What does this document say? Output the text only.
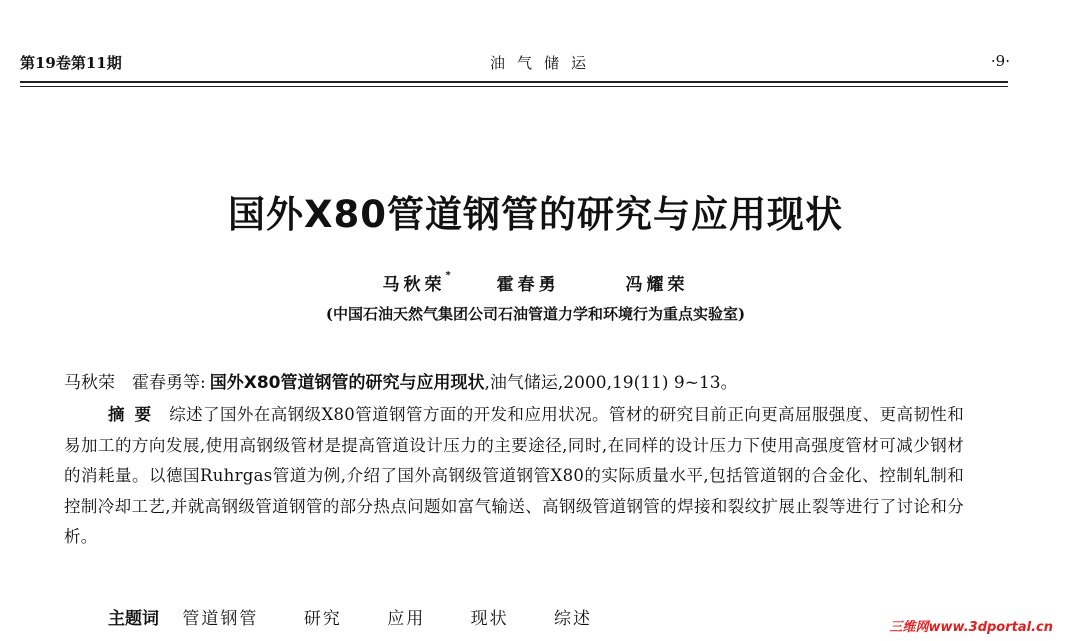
第19卷第11期	油气储运	·9·
国外X80管道钢管的研究与应用现状
马秋荣*	霍春勇	冯耀荣
(中国石油天然气集团公司石油管道力学和环境行为重点实验室)
马秋荣　霍春勇等: 国外X80管道钢管的研究与应用现状,油气储运,2000,19(11) 9~13。
摘要 综述了国外在高钢级X80管道钢管方面的开发和应用状况。管材的研究目前正向更高屈服强度、更高韧性和易加工的方向发展,使用高钢级管材是提高管道设计压力的主要途径,同时,在同样的设计压力下使用高强度管材可减少钢材的消耗量。以德国Ruhrgas管道为例,介绍了国外高钢级管道钢管X80的实际质量水平,包括管道钢的合金化、控制轧制和控制冷却工艺,并就高钢级管道钢管的部分热点问题如富气输送、高钢级管道钢管的焊接和裂纹扩展止裂等进行了讨论和分析。
主题词 管道钢管	研究	应用	现状	综述	三维网www.3dportal.cn
